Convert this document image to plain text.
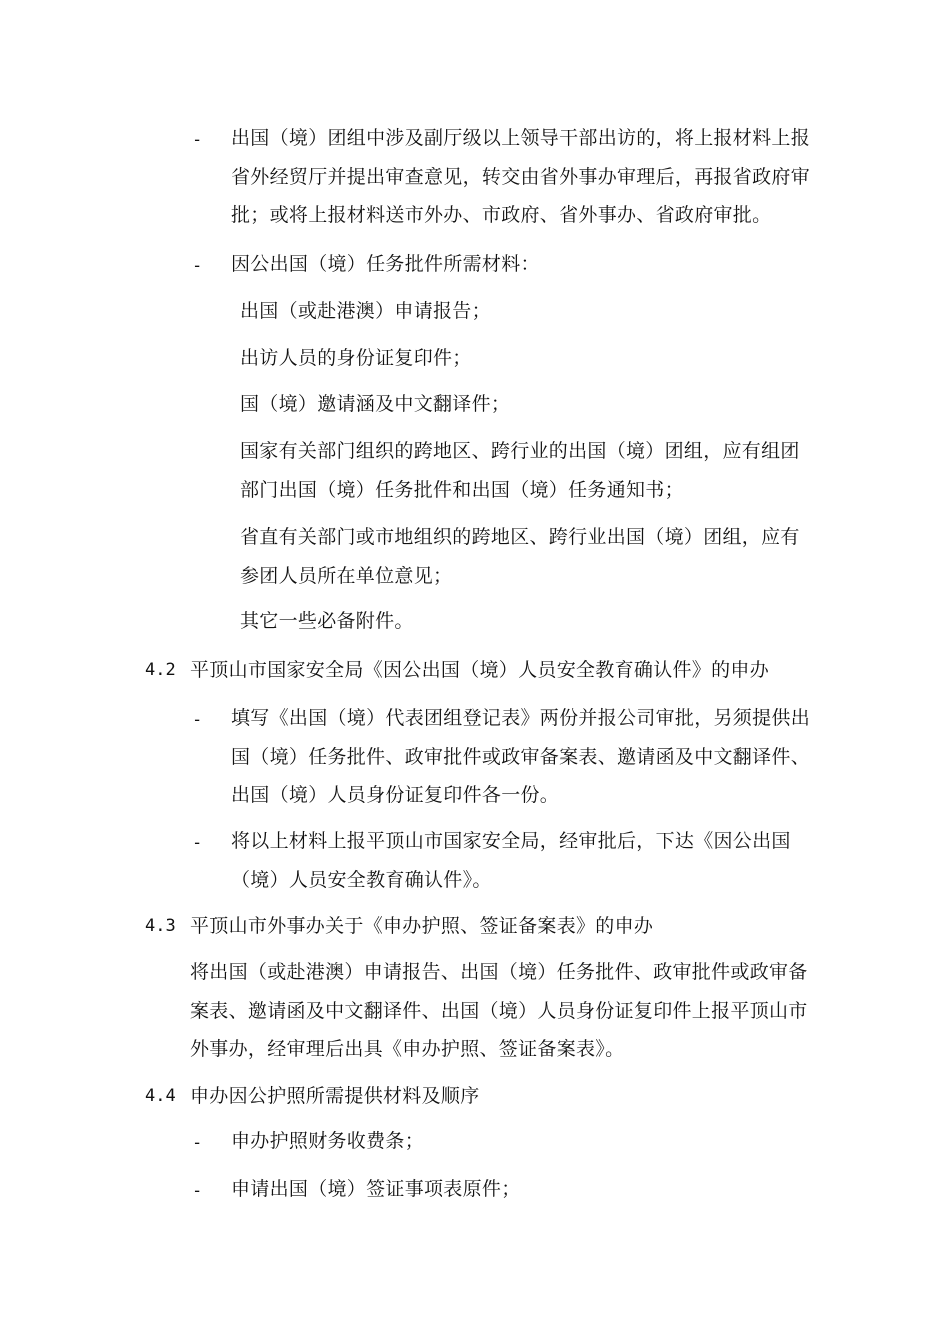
-	出国（境）团组中涉及副厅级以上领导干部出访的，将上报材料上报省外经贸厅并提出审查意见，转交由省外事办审理后，再报省政府审批；或将上报材料送市外办、市政府、省外事办、省政府审批。
-	因公出国（境）任务批件所需材料：
出国（或赴港澳）申请报告；
出访人员的身份证复印件；
国（境）邀请涵及中文翻译件；
国家有关部门组织的跨地区、跨行业的出国（境）团组，应有组团部门出国（境）任务批件和出国（境）任务通知书；
省直有关部门或市地组织的跨地区、跨行业出国（境）团组，应有参团人员所在单位意见；
其它一些必备附件。
4.2 平顶山市国家安全局《因公出国（境）人员安全教育确认件》的申办
-	填写《出国（境）代表团组登记表》两份并报公司审批，另须提供出国（境）任务批件、政审批件或政审备案表、邀请函及中文翻译件、出国（境）人员身份证复印件各一份。
-	将以上材料上报平顶山市国家安全局，经审批后，下达《因公出国（境）人员安全教育确认件》。
4.3 平顶山市外事办关于《申办护照、签证备案表》的申办
将出国（或赴港澳）申请报告、出国（境）任务批件、政审批件或政审备案表、邀请函及中文翻译件、出国（境）人员身份证复印件上报平顶山市外事办，经审理后出具《申办护照、签证备案表》。
4.4 申办因公护照所需提供材料及顺序
-	申办护照财务收费条；
-	申请出国（境）签证事项表原件；
